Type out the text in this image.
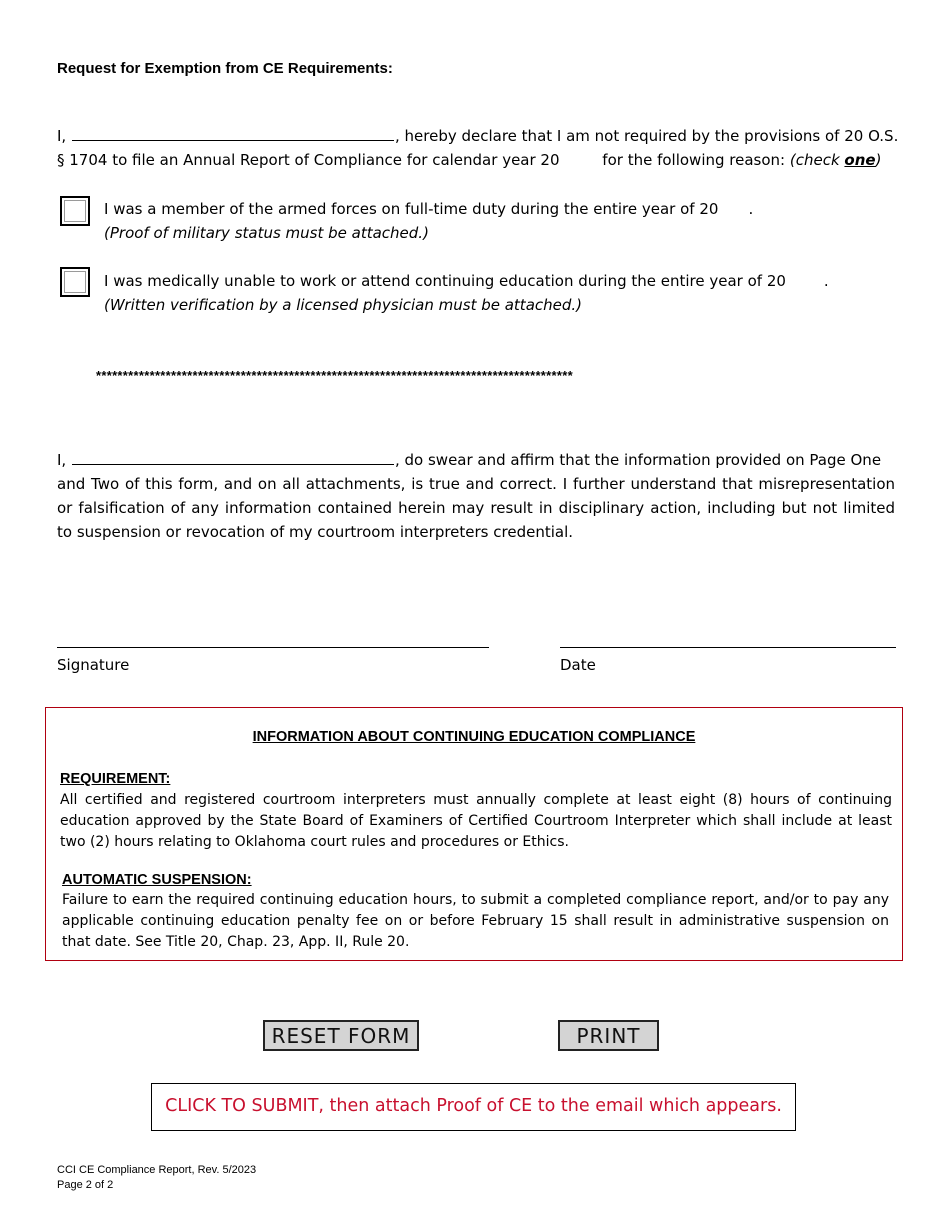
Request for Exemption from CE Requirements:
I,	, hereby declare that I am not required by the provisions of 20 O.S.
§ 1704 to file an Annual Report of Compliance for calendar year 20	for the following reason: (check one)
I was a member of the armed forces on full-time duty during the entire year of 20 .
(Proof of military status must be attached.)
I was medically unable to work or attend continuing education during the entire year of 20	.
(Written verification by a licensed physician must be attached.)
*****************************************************************************************
I,	, do swear and affirm that the information provided on Page One
and Two of this form, and on all attachments, is true and correct. I further understand that misrepresentation or falsification of any information contained herein may result in disciplinary action, including but not limited to suspension or revocation of my courtroom interpreters credential.
Signature	Date
INFORMATION ABOUT CONTINUING EDUCATION COMPLIANCE
REQUIREMENT:
All certified and registered courtroom interpreters must annually complete at least eight (8) hours of continuing education approved by the State Board of Examiners of Certified Courtroom Interpreter which shall include at least two (2) hours relating to Oklahoma court rules and procedures or Ethics.
AUTOMATIC SUSPENSION:
Failure to earn the required continuing education hours, to submit a completed compliance report, and/or to pay any applicable continuing education penalty fee on or before February 15 shall result in administrative suspension on that date. See Title 20, Chap. 23, App. II, Rule 20.
RESET FORM	PRINT
CLICK TO SUBMIT, then attach Proof of CE to the email which appears.
CCI CE Compliance Report, Rev. 5/2023
Page 2 of 2
